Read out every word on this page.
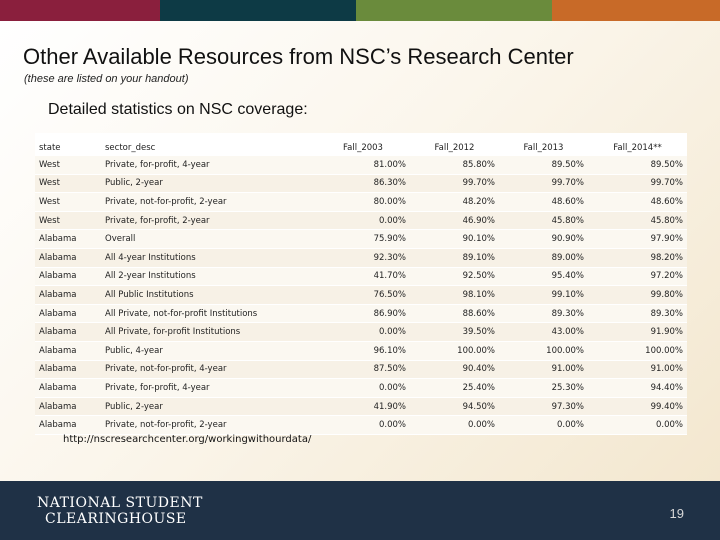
Other Available Resources from NSC’s Research Center
(these are listed on your handout)
Detailed statistics on NSC coverage:
state	sector_desc	Fall_2003	Fall_2012	Fall_2013	Fall_2014**
West	Private, for-profit, 4-year	81.00%	85.80%	89.50%	89.50%
West	Public, 2-year	86.30%	99.70%	99.70%	99.70%
West	Private, not-for-profit, 2-year	80.00%	48.20%	48.60%	48.60%
West	Private, for-profit, 2-year	0.00%	46.90%	45.80%	45.80%
Alabama	Overall	75.90%	90.10%	90.90%	97.90%
Alabama	All 4-year Institutions	92.30%	89.10%	89.00%	98.20%
Alabama	All 2-year Institutions	41.70%	92.50%	95.40%	97.20%
Alabama	All Public Institutions	76.50%	98.10%	99.10%	99.80%
Alabama	All Private, not-for-profit Institutions	86.90%	88.60%	89.30%	89.30%
Alabama	All Private, for-profit Institutions	0.00%	39.50%	43.00%	91.90%
Alabama	Public, 4-year	96.10%	100.00%	100.00%	100.00%
Alabama	Private, not-for-profit, 4-year	87.50%	90.40%	91.00%	91.00%
Alabama	Private, for-profit, 4-year	0.00%	25.40%	25.30%	94.40%
Alabama	Public, 2-year	41.90%	94.50%	97.30%	99.40%
Alabama	Private, not-for-profit, 2-year	0.00%	0.00%	0.00%	0.00%
http://nscresearchcenter.org/workingwithourdata/
NATIONAL STUDENT
CLEARINGHOUSE	19
